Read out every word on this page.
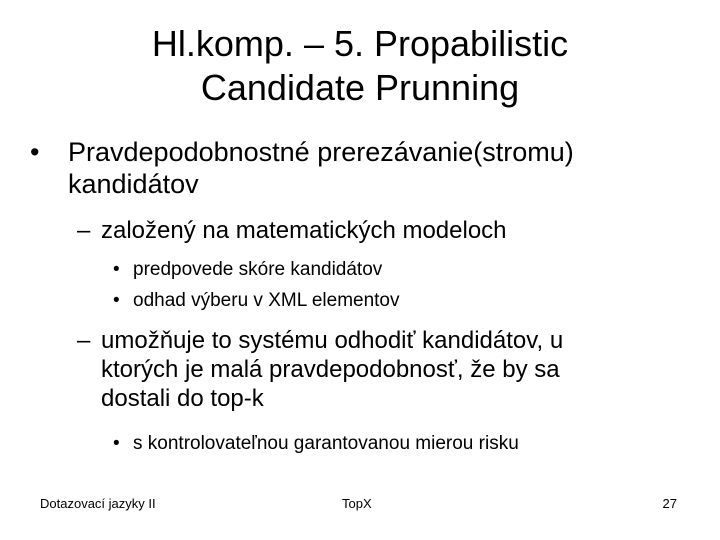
Hl.komp. – 5. Propabilistic
Candidate Prunning
• Pravdepodobnostné prerezávanie(stromu)
kandidátov
– založený na matematických modeloch
• predpovede skóre kandidátov
• odhad výberu v XML elementov
– umožňuje to systému odhodiť kandidátov, u
ktorých je malá pravdepodobnosť, že by sa
dostali do top-k
• s kontrolovateľnou garantovanou mierou risku
Dotazovací jazyky II	TopX	27
